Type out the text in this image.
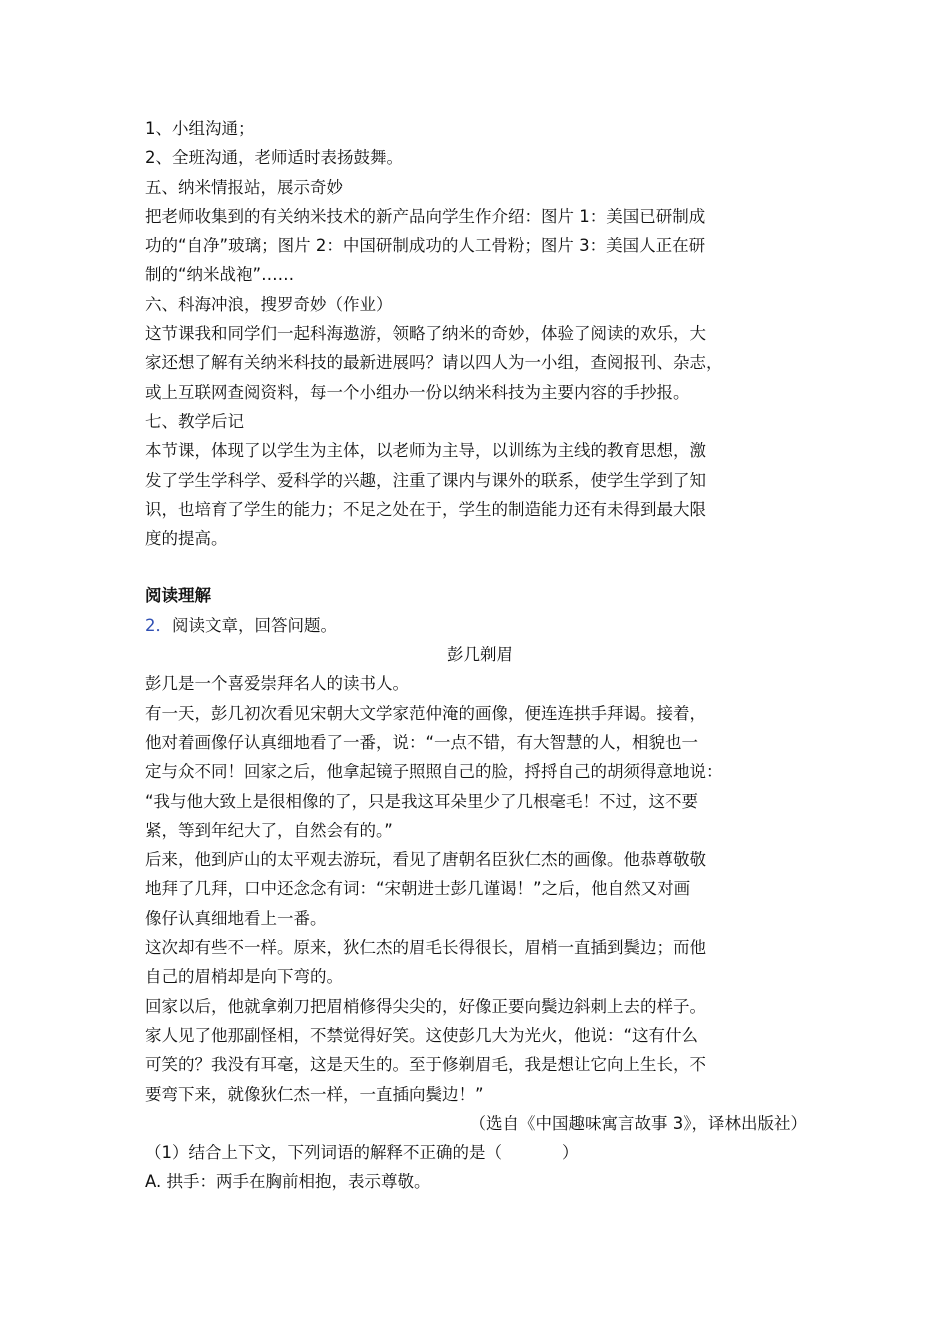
1、小组沟通；
2、全班沟通，老师适时表扬鼓舞。
五、纳米情报站，展示奇妙
把老师收集到的有关纳米技术的新产品向学生作介绍：图片 1：美国已研制成
功的“自净”玻璃；图片 2：中国研制成功的人工骨粉；图片 3：美国人正在研
制的“纳米战袍”……
六、科海冲浪，搜罗奇妙（作业）
这节课我和同学们一起科海遨游，领略了纳米的奇妙，体验了阅读的欢乐，大
家还想了解有关纳米科技的最新进展吗？请以四人为一小组，查阅报刊、杂志，
或上互联网查阅资料，每一个小组办一份以纳米科技为主要内容的手抄报。
七、教学后记
本节课，体现了以学生为主体，以老师为主导，以训练为主线的教育思想，激
发了学生学科学、爱科学的兴趣，注重了课内与课外的联系，使学生学到了知
识，也培育了学生的能力；不足之处在于，学生的制造能力还有未得到最大限
度的提高。
阅读理解
2．阅读文章，回答问题。
彭几剃眉
彭几是一个喜爱崇拜名人的读书人。
有一天，彭几初次看见宋朝大文学家范仲淹的画像，便连连拱手拜谒。接着，
他对着画像仔认真细地看了一番，说：“一点不错，有大智慧的人，相貌也一
定与众不同！回家之后，他拿起镜子照照自己的脸，捋捋自己的胡须得意地说：
“我与他大致上是很相像的了，只是我这耳朵里少了几根毫毛！不过，这不要
紧，等到年纪大了，自然会有的。”
后来，他到庐山的太平观去游玩，看见了唐朝名臣狄仁杰的画像。他恭尊敬敬
地拜了几拜，口中还念念有词：“宋朝进士彭几谨谒！”之后，他自然又对画
像仔认真细地看上一番。
这次却有些不一样。原来，狄仁杰的眉毛长得很长，眉梢一直插到鬓边；而他
自己的眉梢却是向下弯的。
回家以后，他就拿剃刀把眉梢修得尖尖的，好像正要向鬓边斜刺上去的样子。
家人见了他那副怪相，不禁觉得好笑。这使彭几大为光火，他说：“这有什么
可笑的？我没有耳毫，这是天生的。至于修剃眉毛，我是想让它向上生长，不
要弯下来，就像狄仁杰一样，一直插向鬓边！”
（选自《中国趣味寓言故事 3》，译林出版社）
（1）结合上下文，下列词语的解释不正确的是（	）
A. 拱手：两手在胸前相抱，表示尊敬。
